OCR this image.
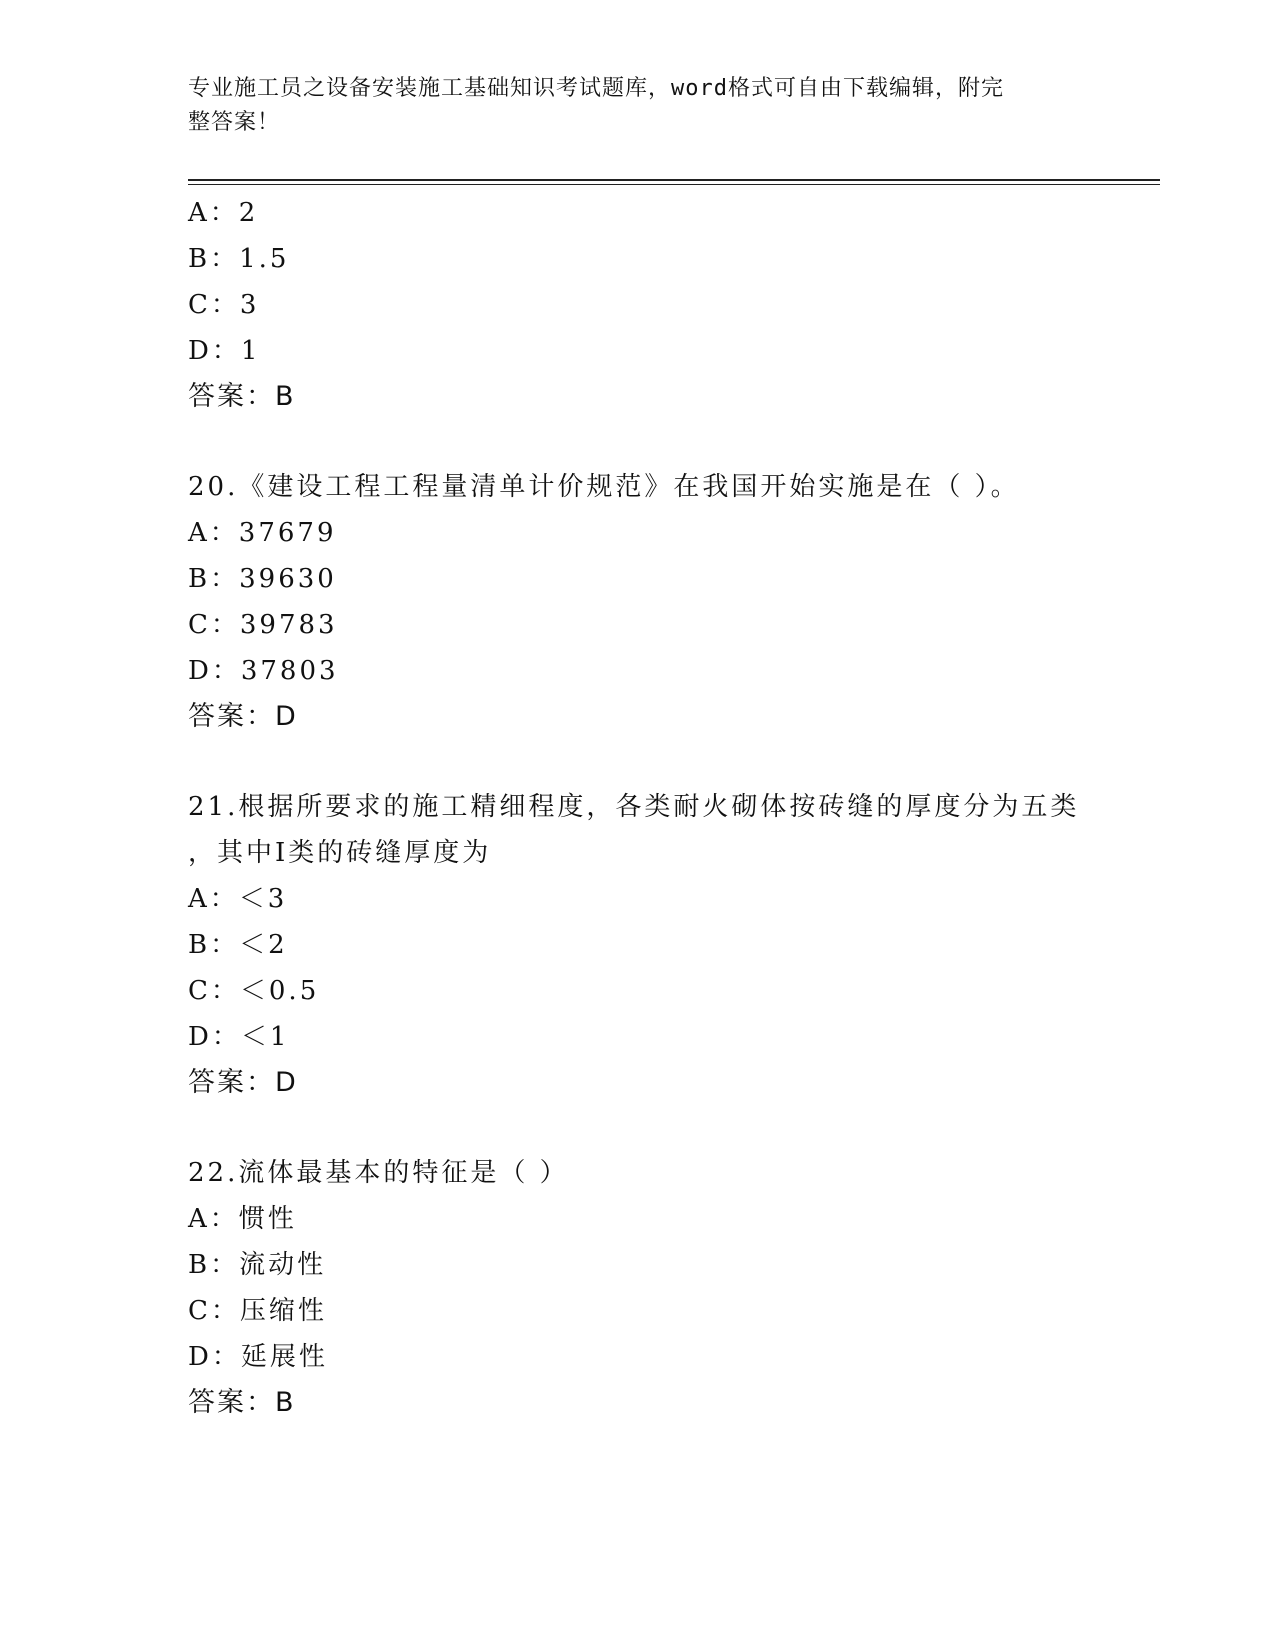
专业施工员之设备安装施工基础知识考试题库，word格式可自由下载编辑，附完
整答案！
A：2
B：1.5
C：3
D：1
答案：B
20.《建设工程工程量清单计价规范》在我国开始实施是在（ ）。
A：37679
B：39630
C：39783
D：37803
答案：D
21.根据所要求的施工精细程度，各类耐火砌体按砖缝的厚度分为五类
，其中I类的砖缝厚度为
A：＜3
B：＜2
C：＜0.5
D：＜1
答案：D
22.流体最基本的特征是（ ）
A：惯性
B：流动性
C：压缩性
D：延展性
答案：B
